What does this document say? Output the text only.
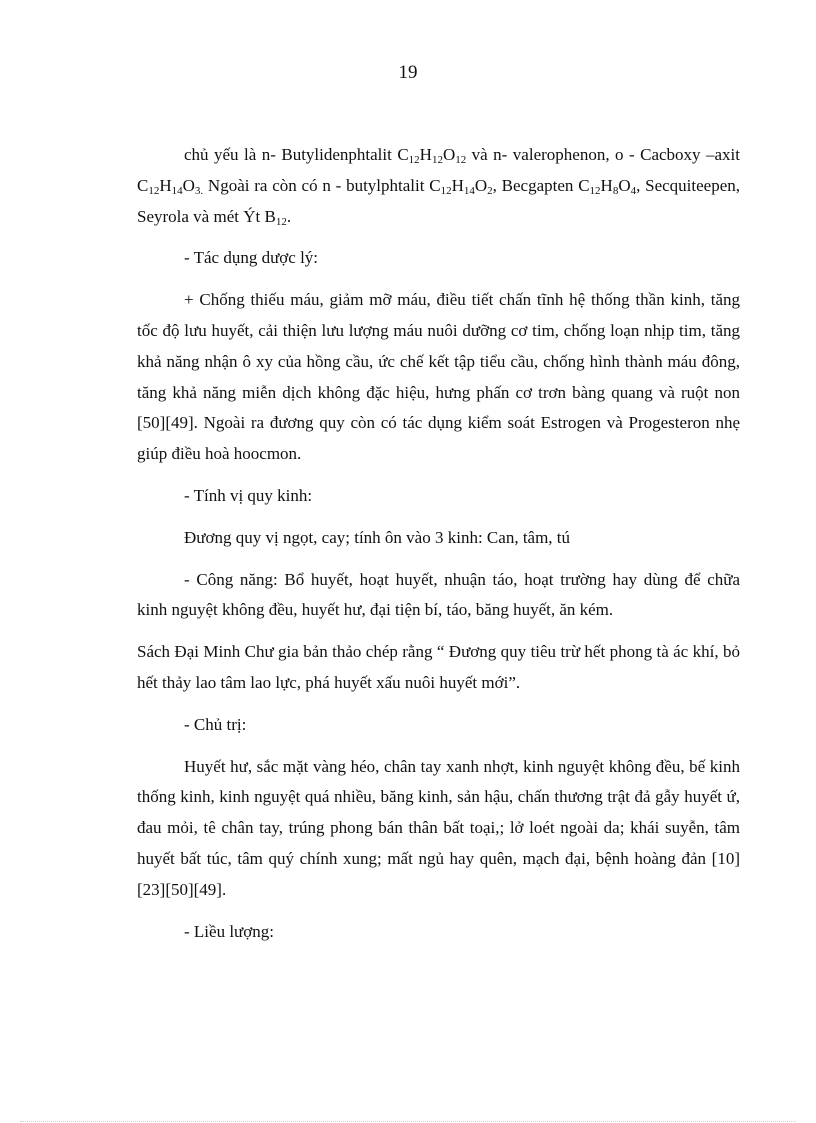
19

chủ yếu là n- Butylidenphtalit $C_{12}H_{12}O_{12}$ và n- valerophenon, o - Cacboxy –axit $C_{12}H_{14}O_{3.}$ Ngoài ra còn có n - butylphtalit $C_{12}H_{14}O_2$, Becgapten $C_{12}H_8O_4$, Secquiteepen, Seyrola và mét Ýt $B_{12}$.

- Tác dụng dược lý:

+ Chống thiếu máu, giảm mỡ máu, điều tiết chấn tĩnh hệ thống thần kinh, tăng tốc độ lưu huyết, cải thiện lưu lượng máu nuôi dưỡng cơ tim, chống loạn nhịp tim, tăng khả năng nhận ô xy của hồng cầu, ức chế kết tập tiểu cầu, chống hình thành máu đông, tăng khả năng miễn dịch không đặc hiệu, hưng phấn cơ trơn bàng quang và ruột non [50][49]. Ngoài ra đương quy còn có tác dụng kiểm soát Estrogen và Progesteron nhẹ giúp điều hoà hoocmon.

- Tính vị quy kinh:

Đương quy vị ngọt, cay; tính ôn vào 3 kinh: Can, tâm, tú

- Công năng: Bổ huyết, hoạt huyết, nhuận táo, hoạt trường hay dùng để chữa kinh nguyệt không đều, huyết hư, đại tiện bí, táo, băng huyết, ăn kém.

Sách Đại Minh Chư gia bản thảo chép rằng “ Đương quy tiêu trừ hết phong tà ác khí, bỏ hết thảy lao tâm lao lực, phá huyết xấu nuôi huyết mới”.

- Chủ trị:

Huyết hư, sắc mặt vàng héo, chân tay xanh nhợt, kinh nguyệt không đều, bế kinh thống kinh, kinh nguyệt quá nhiều, băng kinh, sản hậu, chấn thương trật đả gẫy huyết ứ, đau mỏi, tê chân tay, trúng phong bán thân bất toại,; lở loét ngoài da; khái suyễn, tâm huyết bất túc, tâm quý chính xung; mất ngủ hay quên, mạch đại, bệnh hoàng đản [10][23][50][49].

- Liều lượng:
